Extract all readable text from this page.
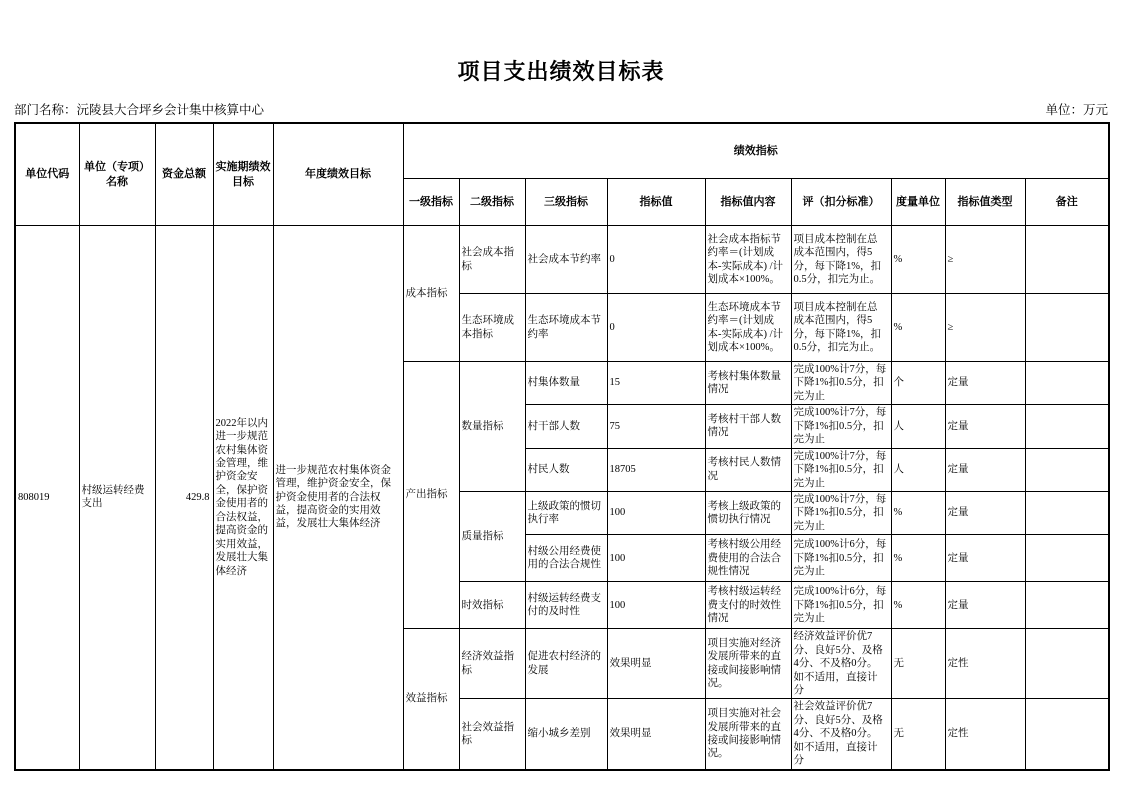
项目支出绩效目标表
部门名称：沅陵县大合坪乡会计集中核算中心	单位：万元
单位代码	单位（专项）名称	资金总额	实施期绩效目标	年度绩效目标	绩效指标								
					一级指标	二级指标	三级指标	指标值	指标值内容	评（扣分标准）	度量单位	指标值类型	备注
808019	村级运转经费支出	429.8	2022年以内进一步规范农村集体资金管理，维护资金安全，保护资金使用者的合法权益，提高资金的实用效益，发展壮大集体经济	进一步规范农村集体资金管理，维护资金安全，保护资金使用者的合法权益，提高资金的实用效益，发展壮大集体经济	成本指标	社会成本指标	社会成本节约率	0	社会成本指标节约率＝(计划成本-实际成本) /计划成本×100%。	项目成本控制在总成本范围内，得5分，每下降1%，扣0.5分，扣完为止。	%	≥	
						生态环境成本指标	生态环境成本节约率	0	生态环境成本节约率＝(计划成本-实际成本) /计划成本×100%。	项目成本控制在总成本范围内，得5分，每下降1%，扣0.5分，扣完为止。	%	≥	
					产出指标	数量指标	村集体数量	15	考核村集体数量情况	完成100%计7分，每下降1%扣0.5分，扣完为止	个	定量	
							村干部人数	75	考核村干部人数情况	完成100%计7分，每下降1%扣0.5分，扣完为止	人	定量	
							村民人数	18705	考核村民人数情况	完成100%计7分，每下降1%扣0.5分，扣完为止	人	定量	
						质量指标	上级政策的惯切执行率	100	考核上级政策的惯切执行情况	完成100%计7分，每下降1%扣0.5分，扣完为止	%	定量	
							村级公用经费使用的合法合规性	100	考核村级公用经费使用的合法合规性情况	完成100%计6分，每下降1%扣0.5分，扣完为止	%	定量	
						时效指标	村级运转经费支付的及时性	100	考核村级运转经费支付的时效性情况	完成100%计6分，每下降1%扣0.5分，扣完为止	%	定量	
					效益指标	经济效益指标	促进农村经济的发展	效果明显	项目实施对经济发展所带来的直接或间接影响情况。	经济效益评价优7分、良好5分、及格4分、不及格0分。如不适用，直接计分	无	定性	
						社会效益指标	缩小城乡差别	效果明显	项目实施对社会发展所带来的直接或间接影响情况。	社会效益评价优7分、良好5分、及格4分、不及格0分。如不适用，直接计分	无	定性	
